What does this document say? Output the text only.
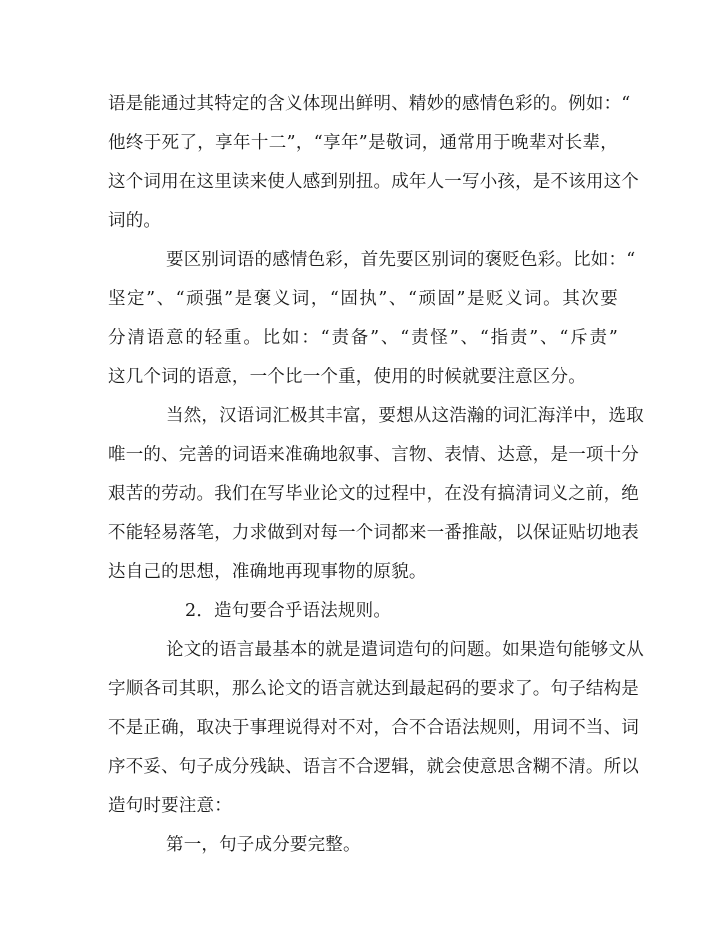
语是能通过其特定的含义体现出鲜明、精妙的感情色彩的。例如：“
他终于死了，享年十二”，“享年”是敬词，通常用于晚辈对长辈，
这个词用在这里读来使人感到别扭。成年人一写小孩，是不该用这个
词的。
要区别词语的感情色彩，首先要区别词的褒贬色彩。比如：“
坚定”、“顽强”是褒义词，“固执”、“顽固”是贬义词。其次要
分清语意的轻重。比如：“责备”、“责怪”、“指责”、“斥责”
这几个词的语意，一个比一个重，使用的时候就要注意区分。
当然，汉语词汇极其丰富，要想从这浩瀚的词汇海洋中，选取
唯一的、完善的词语来准确地叙事、言物、表情、达意，是一项十分
艰苦的劳动。我们在写毕业论文的过程中，在没有搞清词义之前，绝
不能轻易落笔，力求做到对每一个词都来一番推敲，以保证贴切地表
达自己的思想，准确地再现事物的原貌。
2．造句要合乎语法规则。
论文的语言最基本的就是遣词造句的问题。如果造句能够文从
字顺各司其职，那么论文的语言就达到最起码的要求了。句子结构是
不是正确，取决于事理说得对不对，合不合语法规则，用词不当、词
序不妥、句子成分残缺、语言不合逻辑，就会使意思含糊不清。所以
造句时要注意：
第一，句子成分要完整。
